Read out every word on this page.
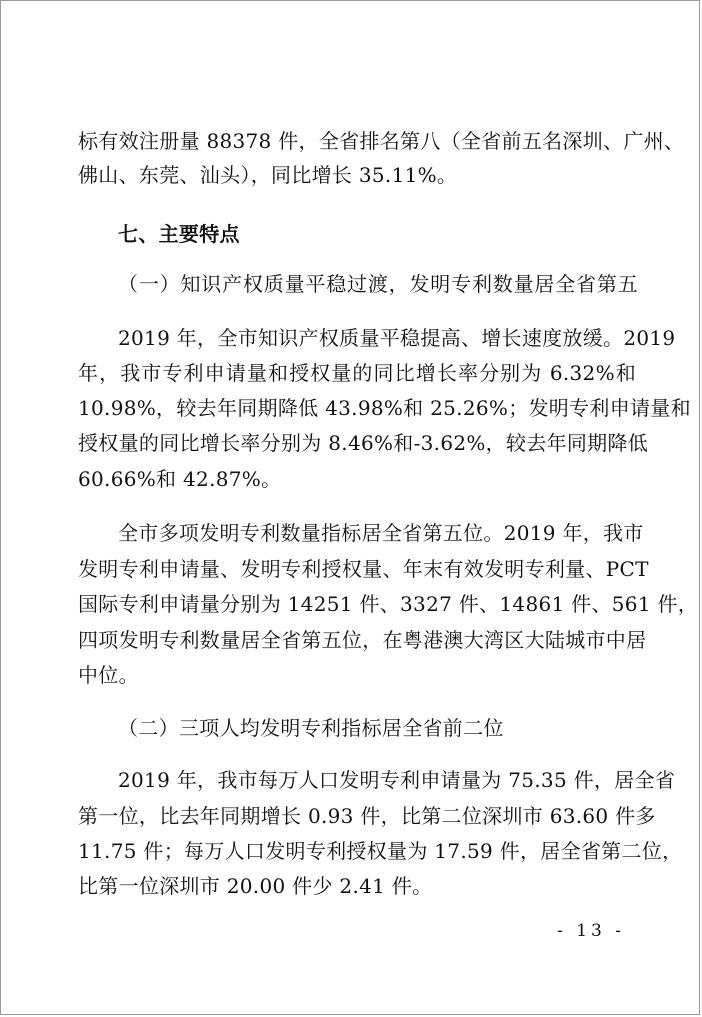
标有效注册量 88378 件，全省排名第八（全省前五名深圳、广州、
佛山、东莞、汕头），同比增长 35.11%。
七、主要特点
（一）知识产权质量平稳过渡，发明专利数量居全省第五
2019 年，全市知识产权质量平稳提高、增长速度放缓。2019
年，我市专利申请量和授权量的同比增长率分别为 6.32%和
10.98%，较去年同期降低 43.98%和 25.26%；发明专利申请量和
授权量的同比增长率分别为 8.46%和-3.62%，较去年同期降低
60.66%和 42.87%。
全市多项发明专利数量指标居全省第五位。2019 年，我市
发明专利申请量、发明专利授权量、年末有效发明专利量、PCT
国际专利申请量分别为 14251 件、3327 件、14861 件、561 件，
四项发明专利数量居全省第五位，在粤港澳大湾区大陆城市中居
中位。
（二）三项人均发明专利指标居全省前二位
2019 年，我市每万人口发明专利申请量为 75.35 件，居全省
第一位，比去年同期增长 0.93 件，比第二位深圳市 63.60 件多
11.75 件；每万人口发明专利授权量为 17.59 件，居全省第二位，
比第一位深圳市 20.00 件少 2.41 件。
- 13 -
